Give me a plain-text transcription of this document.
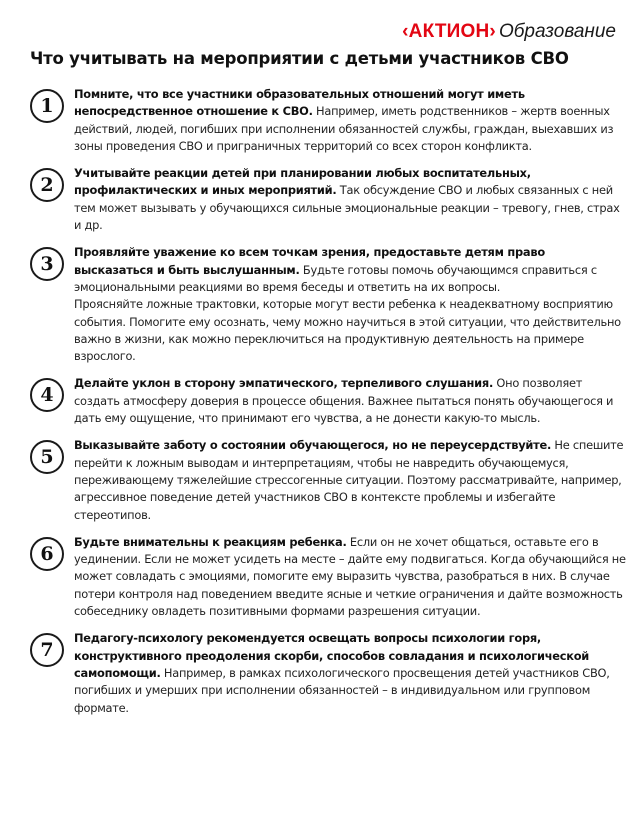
‹АКТИОН› Образование
Что учитывать на мероприятии с детьми участников СВО
1
Помните, что все участники образовательных отношений могут иметь непосредственное отношение к СВО. Например, иметь родственников – жертв военных действий, людей, погибших при исполнении обязанностей службы, граждан, выехавших из зоны проведения СВО и приграничных территорий со всех сторон конфликта.
2
Учитывайте реакции детей при планировании любых воспитательных, профилактических и иных мероприятий. Так обсуждение СВО и любых связанных с ней тем может вызывать у обучающихся сильные эмоциональные реакции – тревогу, гнев, страх и др.
3
Проявляйте уважение ко всем точкам зрения, предоставьте детям право высказаться и быть выслушанным. Будьте готовы помочь обучающимся справиться с эмоциональными реакциями во время беседы и ответить на их вопросы.
Проясняйте ложные трактовки, которые могут вести ребенка к неадекватному восприятию события. Помогите ему осознать, чему можно научиться в этой ситуации, что действительно важно в жизни, как можно переключиться на продуктивную деятельность на примере взрослого.
4
Делайте уклон в сторону эмпатического, терпеливого слушания. Оно позволяет создать атмосферу доверия в процессе общения. Важнее пытаться понять обучающегося и дать ему ощущение, что принимают его чувства, а не донести какую-то мысль.
5
Выказывайте заботу о состоянии обучающегося, но не переусердствуйте. Не спешите перейти к ложным выводам и интерпретациям, чтобы не навредить обучающемуся, переживающему тяжелейшие стрессогенные ситуации. Поэтому рассматривайте, например, агрессивное поведение детей участников СВО в контексте проблемы и избегайте стереотипов.
6
Будьте внимательны к реакциям ребенка. Если он не хочет общаться, оставьте его в уединении. Если не может усидеть на месте – дайте ему подвигаться. Когда обучающийся не может совладать с эмоциями, помогите ему выразить чувства, разобраться в них. В случае потери контроля над поведением введите ясные и четкие ограничения и дайте возможность собеседнику овладеть позитивными формами разрешения ситуации.
7
Педагогу-психологу рекомендуется освещать вопросы психологии горя, конструктивного преодоления скорби, способов совладания и психологической самопомощи. Например, в рамках психологического просвещения детей участников СВО, погибших и умерших при исполнении обязанностей – в индивидуальном или групповом формате.
